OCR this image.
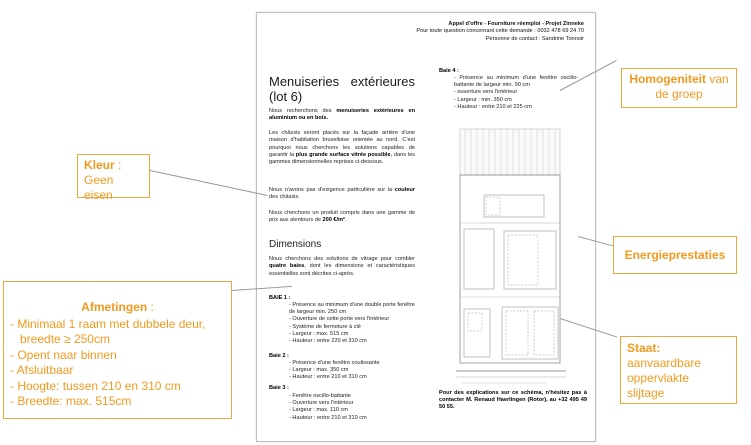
Appel d'offre - Fourniture réemploi - Projet Zinneke
Pour toute question concernant cette demande : 0032 478 69 24 70
Personne de contact : Sandrine Tonnoir
Menuiseries extérieures
(lot 6)
Nous recherchons des menuiseries extérieures en aluminium ou en bois.
Les châssis seront placés sur la façade arrière d'une maison d'habitation bruxelloise orientée au nord. C'est pourquoi nous cherchons les solutions capables de garantir la plus grande surface vitrée possible, dans les gammes dimensionnelles reprises ci-dessous.
Nous n'avons pas d'exigence particulière sur la couleur des châssis.
Nous cherchons un produit compris dans une gamme de prix aux alentours de 200 €/m².
Dimensions
Nous cherchons des solutions de vitrage pour combler quatre baies, dont les dimensions et caractéristiques essentielles sont décrites ci-après.
BAIE 1 :
- Présence au minimum d'une double porte fenêtre de largeur min. 250 cm
- Ouverture de cette porte vers l'intérieur
- Système de fermeture à clé
- Largeur : max. 515 cm
- Hauteur : entre 220 et 310 cm
Baie 2 :
- Présence d'une fenêtre coulissante
- Largeur : max. 350 cm
- Hauteur : entre 210 et 310 cm
Baie 3 :
- Fenêtre oscillo-battante
- Ouverture vers l'intérieur
- Largeur : max. 110 cm
- Hauteur : entre 210 et 310 cm
Baie 4 :
- Présence au minimum d'une fenêtre oscillo-battante de largeur min. 90 cm
- ouverture vers l'intérieur
- Largeur : min. 350 cm
- Hauteur : entre 210 et 225 cm
Pour des explications sur ce schéma, n'hésitez pas à contacter M. Renaud Haerlingen (Rotor), au +32 495 49 50 55.
Kleur :
Geen eisen
Afmetingen :
- Minimaal 1 raam met dubbele deur,
breedte ≥ 250cm
- Opent naar binnen
- Afsluitbaar
- Hoogte: tussen 210 en 310 cm
- Breedte: max. 515cm
Homogeniteit van de groep
Energieprestaties
Staat:
aanvaardbare
oppervlakte
slijtage
